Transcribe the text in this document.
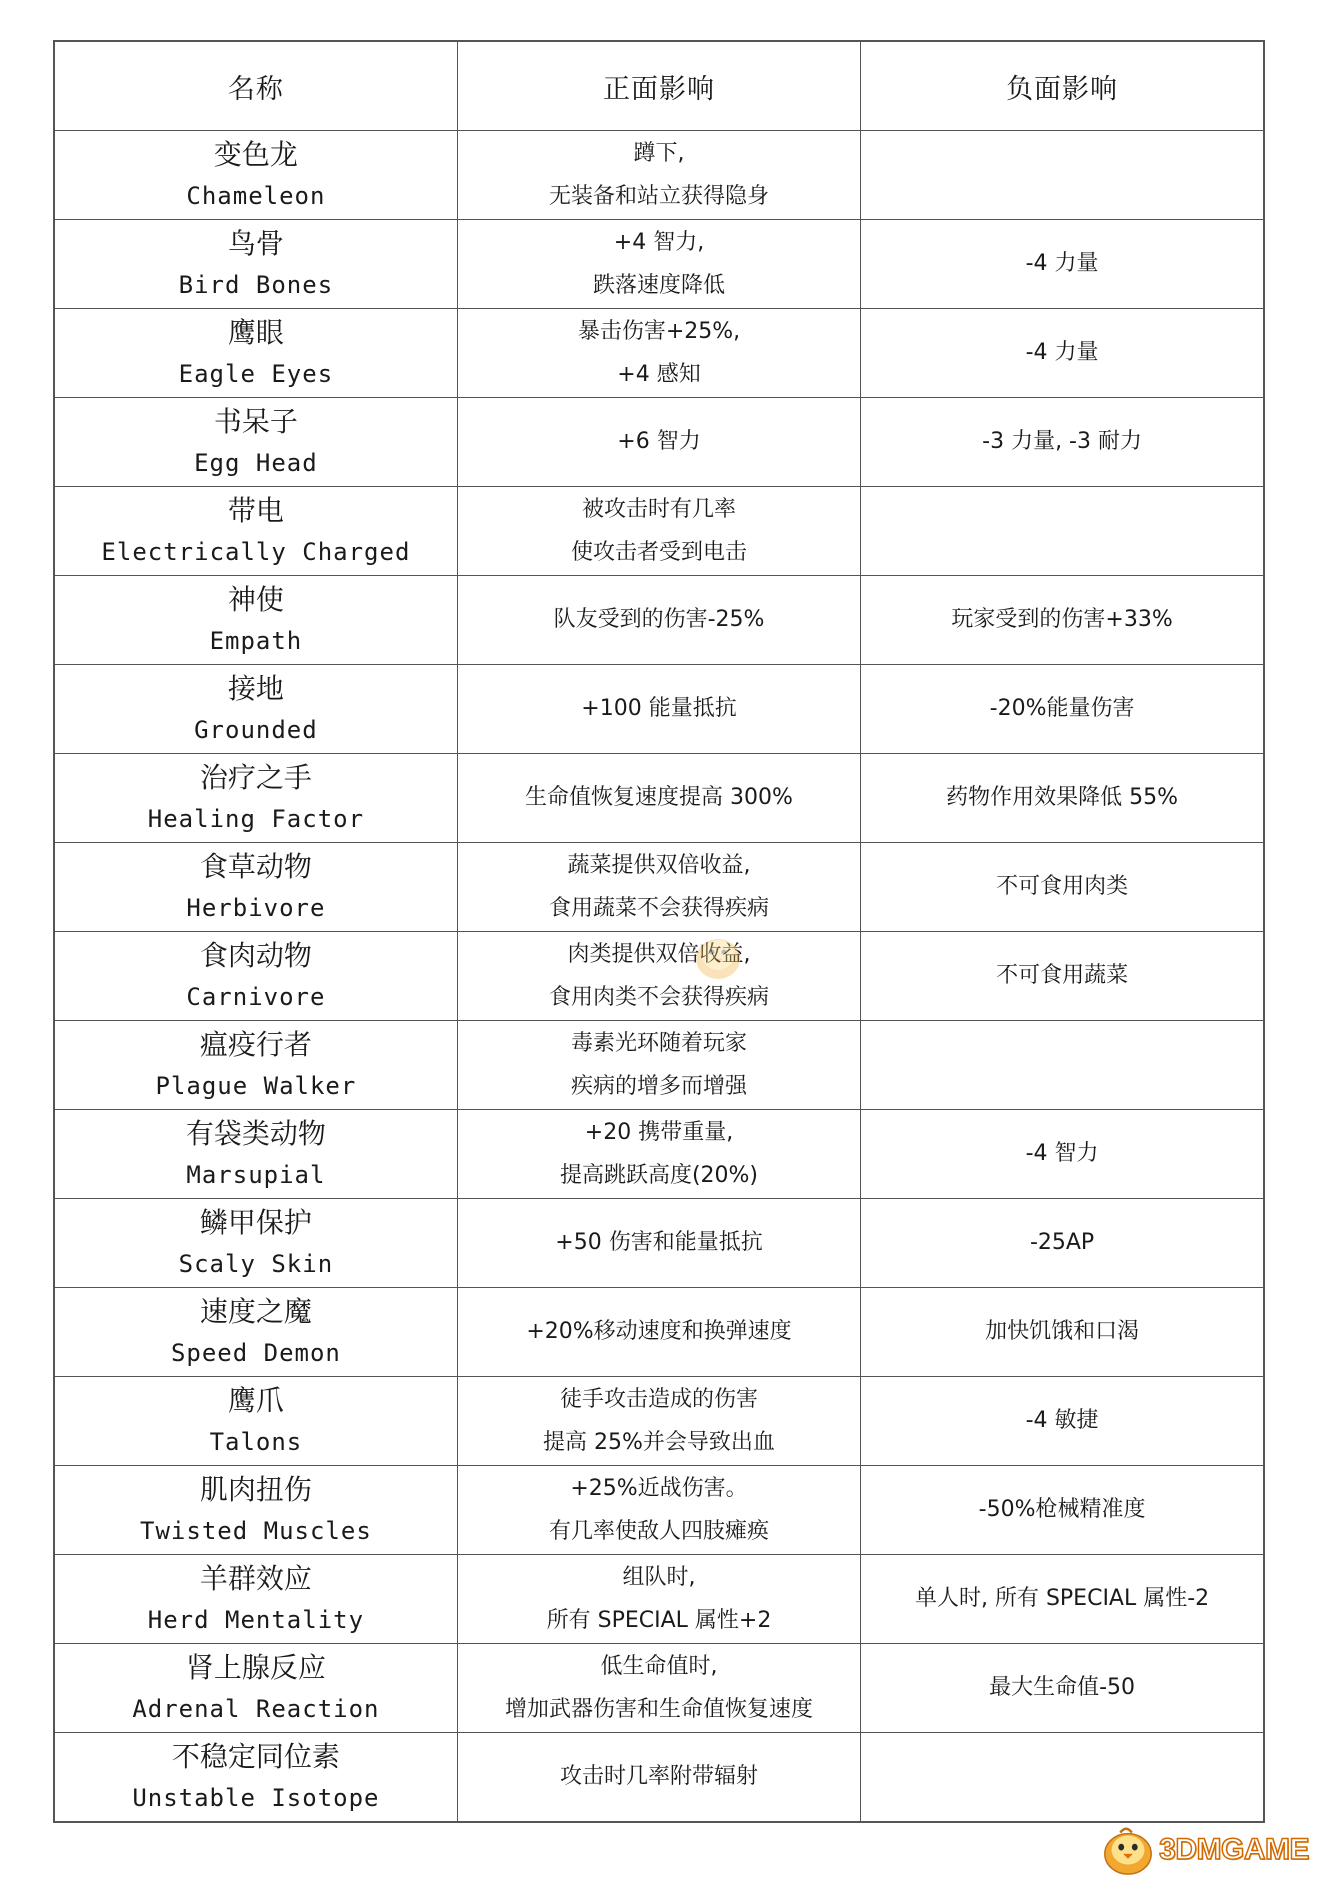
名称	正面影响	负面影响

变色龙
Chameleon	蹲下,
无装备和站立获得隐身	

鸟骨
Bird Bones	+4 智力,
跌落速度降低	-4 力量

鹰眼
Eagle Eyes	暴击伤害+25%,
+4 感知	-4 力量

书呆子
Egg Head	+6 智力	-3 力量, -3 耐力

带电
Electrically Charged	被攻击时有几率
使攻击者受到电击	

神使
Empath	队友受到的伤害-25%	玩家受到的伤害+33%

接地
Grounded	+100 能量抵抗	-20%能量伤害

治疗之手
Healing Factor	生命值恢复速度提高 300%	药物作用效果降低 55%

食草动物
Herbivore	蔬菜提供双倍收益,
食用蔬菜不会获得疾病	不可食用肉类

食肉动物
Carnivore	肉类提供双倍收益,
食用肉类不会获得疾病	不可食用蔬菜

瘟疫行者
Plague Walker	毒素光环随着玩家
疾病的增多而增强	

有袋类动物
Marsupial	+20 携带重量,
提高跳跃高度(20%)	-4 智力

鳞甲保护
Scaly Skin	+50 伤害和能量抵抗	-25AP

速度之魔
Speed Demon	+20%移动速度和换弹速度	加快饥饿和口渴

鹰爪
Talons	徒手攻击造成的伤害
提高 25%并会导致出血	-4 敏捷

肌肉扭伤
Twisted Muscles	+25%近战伤害。
有几率使敌人四肢瘫痪	-50%枪械精准度

羊群效应
Herd Mentality	组队时,
所有 SPECIAL 属性+2	单人时, 所有 SPECIAL 属性-2

肾上腺反应
Adrenal Reaction	低生命值时,
增加武器伤害和生命值恢复速度	最大生命值-50

不稳定同位素
Unstable Isotope	攻击时几率附带辐射	

3DMGAME
